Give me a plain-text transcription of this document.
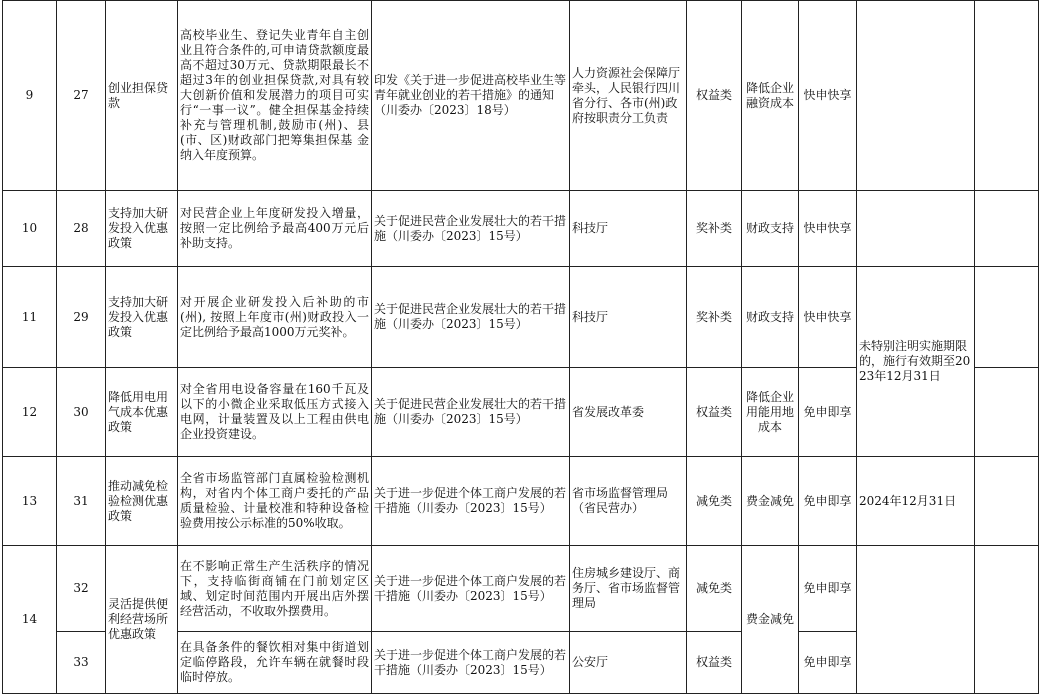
9	27	创业担保贷款	高校毕业生、登记失业青年自主创业且符合条件的,可申请贷款额度最高不超过30万元、贷款期限最长不超过3年的创业担保贷款,对具有较大创新价值和发展潜力的项目可实行“一事一议”。健全担保基金持续补充与管理机制,鼓励市(州)、县(市、区)财政部门把筹集担保基 金纳入年度预算。	印发《关于进一步促进高校毕业生等青年就业创业的若干措施》的通知（川委办〔2023〕18号）	人力资源社会保障厅牵头，人民银行四川省分行、各市(州)政府按职责分工负责	权益类	降低企业融资成本	快申快享		
10	28	支持加大研发投入优惠政策	对民营企业上年度研发投入增量，按照一定比例给予最高400万元后补助支持。	关于促进民营企业发展壮大的若干措施（川委办〔2023〕15号）	科技厅	奖补类	财政支持	快申快享		
11	29	支持加大研发投入优惠政策	对开展企业研发投入后补助的市(州), 按照上年度市(州)财政投入一定比例给予最高1000万元奖补。	关于促进民营企业发展壮大的若干措施（川委办〔2023〕15号）	科技厅	奖补类	财政支持	快申快享	未特别注明实施期限的，施行有效期至2023年12月31日	
12	30	降低用电用气成本优惠政策	对全省用电设备容量在160千瓦及以下的小微企业采取低压方式接入电网，计量装置及以上工程由供电企业投资建设。	关于促进民营企业发展壮大的若干措施（川委办〔2023〕15号）	省发展改革委	权益类	降低企业用能用地成本	免申即享		
13	31	推动减免检验检测优惠政策	全省市场监管部门直属检验检测机构，对省内个体工商户委托的产品质量检验、计量校准和特种设备检验费用按公示标准的50%收取。	关于进一步促进个体工商户发展的若干措施（川委办〔2023〕15号）	省市场监督管理局（省民营办）	减免类	费金减免	免申即享	2024年12月31日	
14	32	灵活提供便利经营场所优惠政策	在不影响正常生产生活秩序的情况下，支持临街商铺在门前划定区域、划定时间范围内开展出店外摆经营活动，不收取外摆费用。	关于进一步促进个体工商户发展的若干措施（川委办〔2023〕15号）	住房城乡建设厅、商务厅、省市场监督管理局	减免类	费金减免	免申即享		
	33		在具备条件的餐饮相对集中街道划定临停路段，允许车辆在就餐时段临时停放。	关于进一步促进个体工商户发展的若干措施（川委办〔2023〕15号）	公安厅	权益类		免申即享		
